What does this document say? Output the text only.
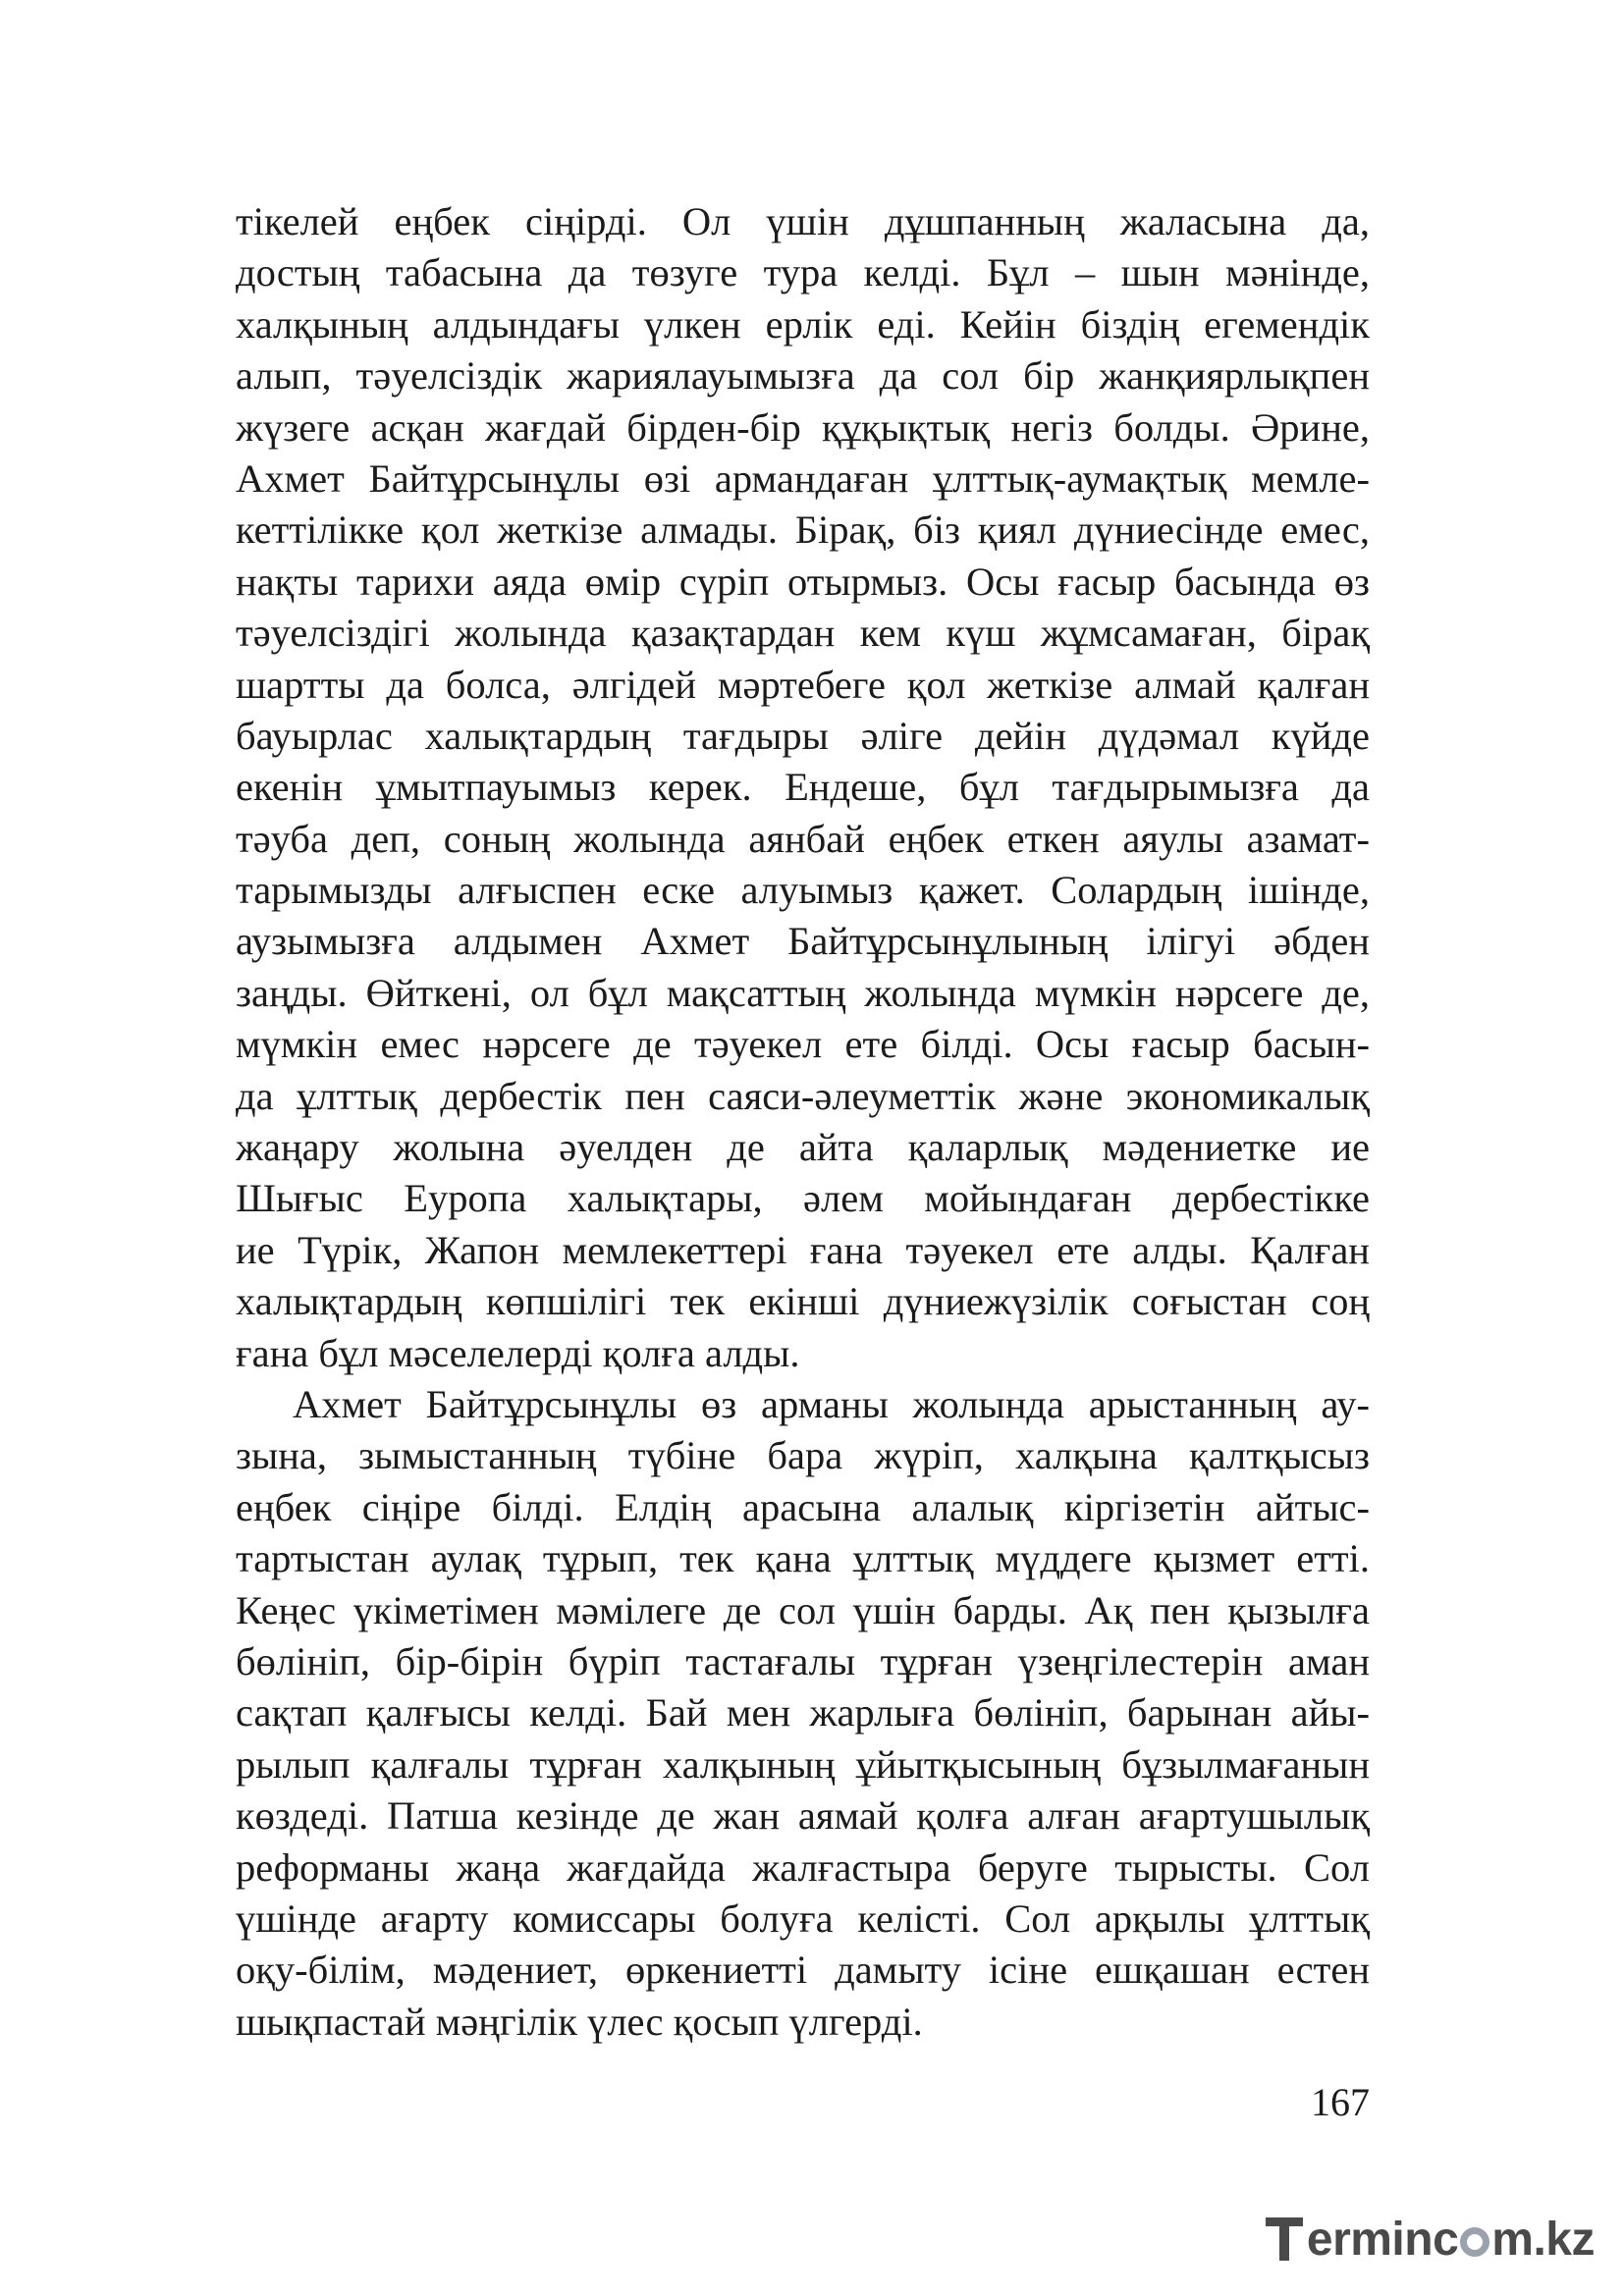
тікелей еңбек сіңірді. Ол үшін дұшпанның жаласына да,
достың табасына да төзуге тура келді. Бұл – шын мәнінде,
халқының алдындағы үлкен ерлік еді. Кейін біздің егемендік
алып, тәуелсіздік жариялауымызға да сол бір жанқиярлықпен
жүзеге асқан жағдай бірден-бір құқықтық негіз болды. Әрине,
Ахмет Байтұрсынұлы өзі армандаған ұлттық-аумақтық мемле-
кеттілікке қол жеткізе алмады. Бірақ, біз қиял дүниесінде емес,
нақты тарихи аяда өмір сүріп отырмыз. Осы ғасыр басында өз
тәуелсіздігі жолында қазақтардан кем күш жұмсамаған, бірақ
шартты да болса, әлгідей мәртебеге қол жеткізе алмай қалған
бауырлас халықтардың тағдыры әліге дейін дүдәмал күйде
екенін ұмытпауымыз керек. Ендеше, бұл тағдырымызға да
тәуба деп, соның жолында аянбай еңбек еткен аяулы азамат-
тарымызды алғыспен еске алуымыз қажет. Солардың ішінде,
аузымызға алдымен Ахмет Байтұрсынұлының ілігуі әбден
заңды. Өйткені, ол бұл мақсаттың жолында мүмкін нәрсеге де,
мүмкін емес нәрсеге де тәуекел ете білді. Осы ғасыр басын-
да ұлттық дербестік пен саяси-әлеуметтік және экономикалық
жаңару жолына әуелден де айта қаларлық мәдениетке ие
Шығыс Еуропа халықтары, әлем мойындаған дербестікке
ие Түрік, Жапон мемлекеттері ғана тәуекел ете алды. Қалған
халықтардың көпшілігі тек екінші дүниежүзілік соғыстан соң
ғана бұл мәселелерді қолға алды.
Ахмет Байтұрсынұлы өз арманы жолында арыстанның ау-
зына, зымыстанның түбіне бара жүріп, халқына қалтқысыз
еңбек сіңіре білді. Елдің арасына алалық кіргізетін айтыс-
тартыстан аулақ тұрып, тек қана ұлттық мүддеге қызмет етті.
Кеңес үкіметімен мәмілеге де сол үшін барды. Ақ пен қызылға
бөлініп, бір-бірін бүріп тастағалы тұрған үзеңгілестерін аман
сақтап қалғысы келді. Бай мен жарлыға бөлініп, барынан айы-
рылып қалғалы тұрған халқының ұйытқысының бұзылмағанын
көздеді. Патша кезінде де жан аямай қолға алған ағартушылық
реформаны жаңа жағдайда жалғастыра беруге тырысты. Сол
үшінде ағарту комиссары болуға келісті. Сол арқылы ұлттық
оқу-білім, мәдениет, өркениетті дамыту ісіне ешқашан естен
шықпастай мәңгілік үлес қосып үлгерді.
167
erminc m.kz
